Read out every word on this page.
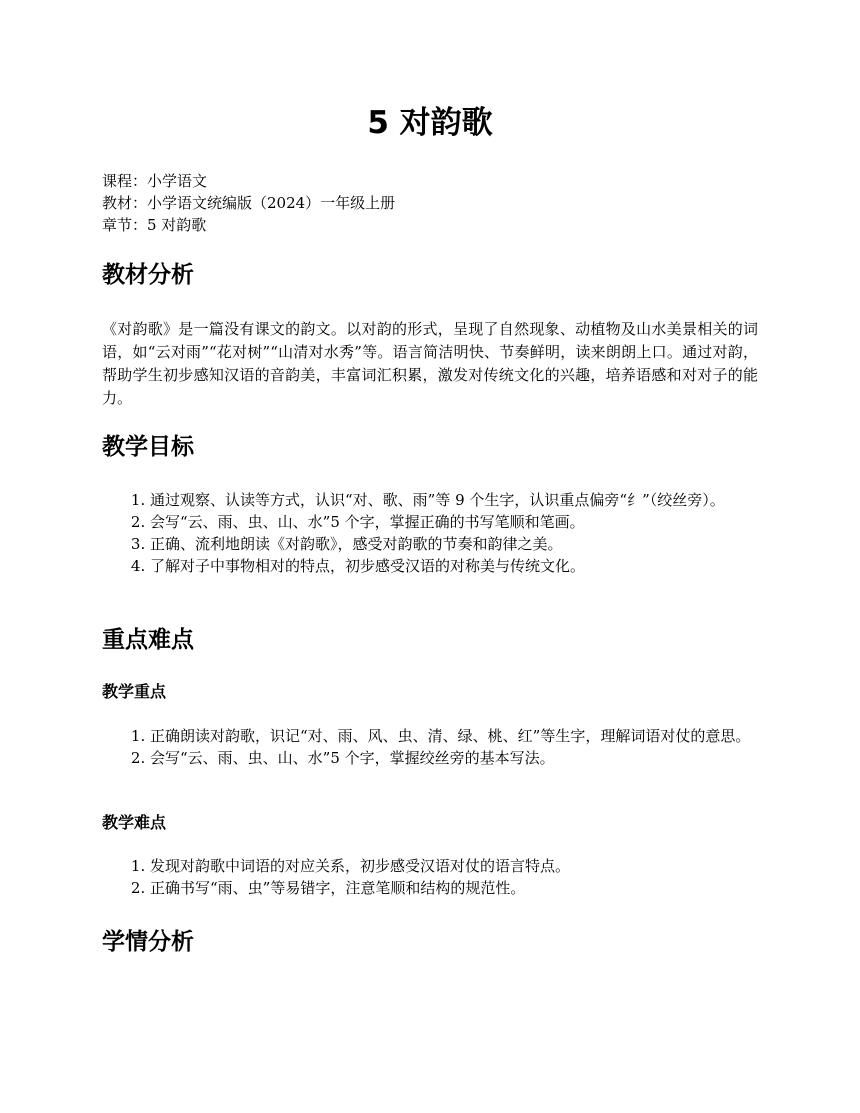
5 对韵歌
课程：小学语文
教材：小学语文统编版（2024）一年级上册
章节：5 对韵歌
教材分析

《对韵歌》是一篇没有课文的韵文。以对韵的形式，呈现了自然现象、动植物及山水美景相关的词语，如“云对雨”“花对树”“山清对水秀”等。语言简洁明快、节奏鲜明，读来朗朗上口。通过对韵，帮助学生初步感知汉语的音韵美，丰富词汇积累，激发对传统文化的兴趣，培养语感和对对子的能力。

教学目标
1. 通过观察、认读等方式，认识“对、歌、雨”等 9 个生字，认识重点偏旁“纟”（绞丝旁）。
2. 会写“云、雨、虫、山、水”5 个字，掌握正确的书写笔顺和笔画。
3. 正确、流利地朗读《对韵歌》，感受对韵歌的节奏和韵律之美。
4. 了解对子中事物相对的特点，初步感受汉语的对称美与传统文化。
重点难点
教学重点
1. 正确朗读对韵歌，识记“对、雨、风、虫、清、绿、桃、红”等生字，理解词语对仗的意思。
2. 会写“云、雨、虫、山、水”5 个字，掌握绞丝旁的基本写法。
教学难点
1. 发现对韵歌中词语的对应关系，初步感受汉语对仗的语言特点。
2. 正确书写“雨、虫”等易错字，注意笔顺和结构的规范性。
学情分析
